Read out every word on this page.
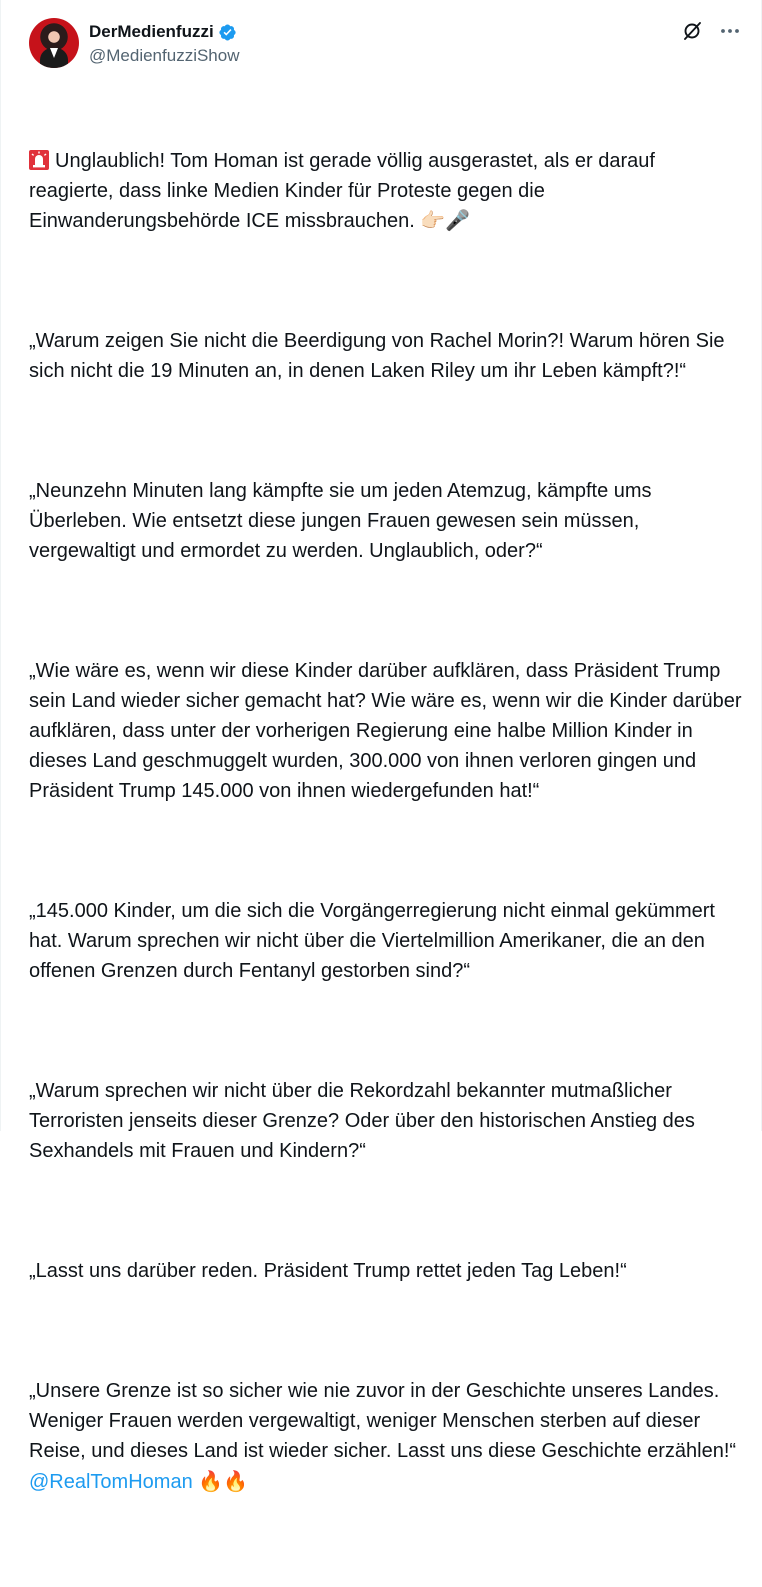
DerMedienfuzzi
@MedienfuzziShow

Unglaublich! Tom Homan ist gerade völlig ausgerastet, als er darauf reagierte, dass linke Medien Kinder für Proteste gegen die Einwanderungsbehörde ICE missbrauchen. 👉🏻🎤

„Warum zeigen Sie nicht die Beerdigung von Rachel Morin?! Warum hören Sie sich nicht die 19 Minuten an, in denen Laken Riley um ihr Leben kämpft?!“

„Neunzehn Minuten lang kämpfte sie um jeden Atemzug, kämpfte ums Überleben. Wie entsetzt diese jungen Frauen gewesen sein müssen, vergewaltigt und ermordet zu werden. Unglaublich, oder?“

„Wie wäre es, wenn wir diese Kinder darüber aufklären, dass Präsident Trump sein Land wieder sicher gemacht hat? Wie wäre es, wenn wir die Kinder darüber aufklären, dass unter der vorherigen Regierung eine halbe Million Kinder in dieses Land geschmuggelt wurden, 300.000 von ihnen verloren gingen und Präsident Trump 145.000 von ihnen wiedergefunden hat!“

„145.000 Kinder, um die sich die Vorgängerregierung nicht einmal gekümmert hat. Warum sprechen wir nicht über die Viertelmillion Amerikaner, die an den offenen Grenzen durch Fentanyl gestorben sind?“

„Warum sprechen wir nicht über die Rekordzahl bekannter mutmaßlicher Terroristen jenseits dieser Grenze? Oder über den historischen Anstieg des Sexhandels mit Frauen und Kindern?“

„Lasst uns darüber reden. Präsident Trump rettet jeden Tag Leben!“

„Unsere Grenze ist so sicher wie nie zuvor in der Geschichte unseres Landes. Weniger Frauen werden vergewaltigt, weniger Menschen sterben auf dieser Reise, und dieses Land ist wieder sicher. Lasst uns diese Geschichte erzählen!“ @RealTomHoman 🔥🔥
